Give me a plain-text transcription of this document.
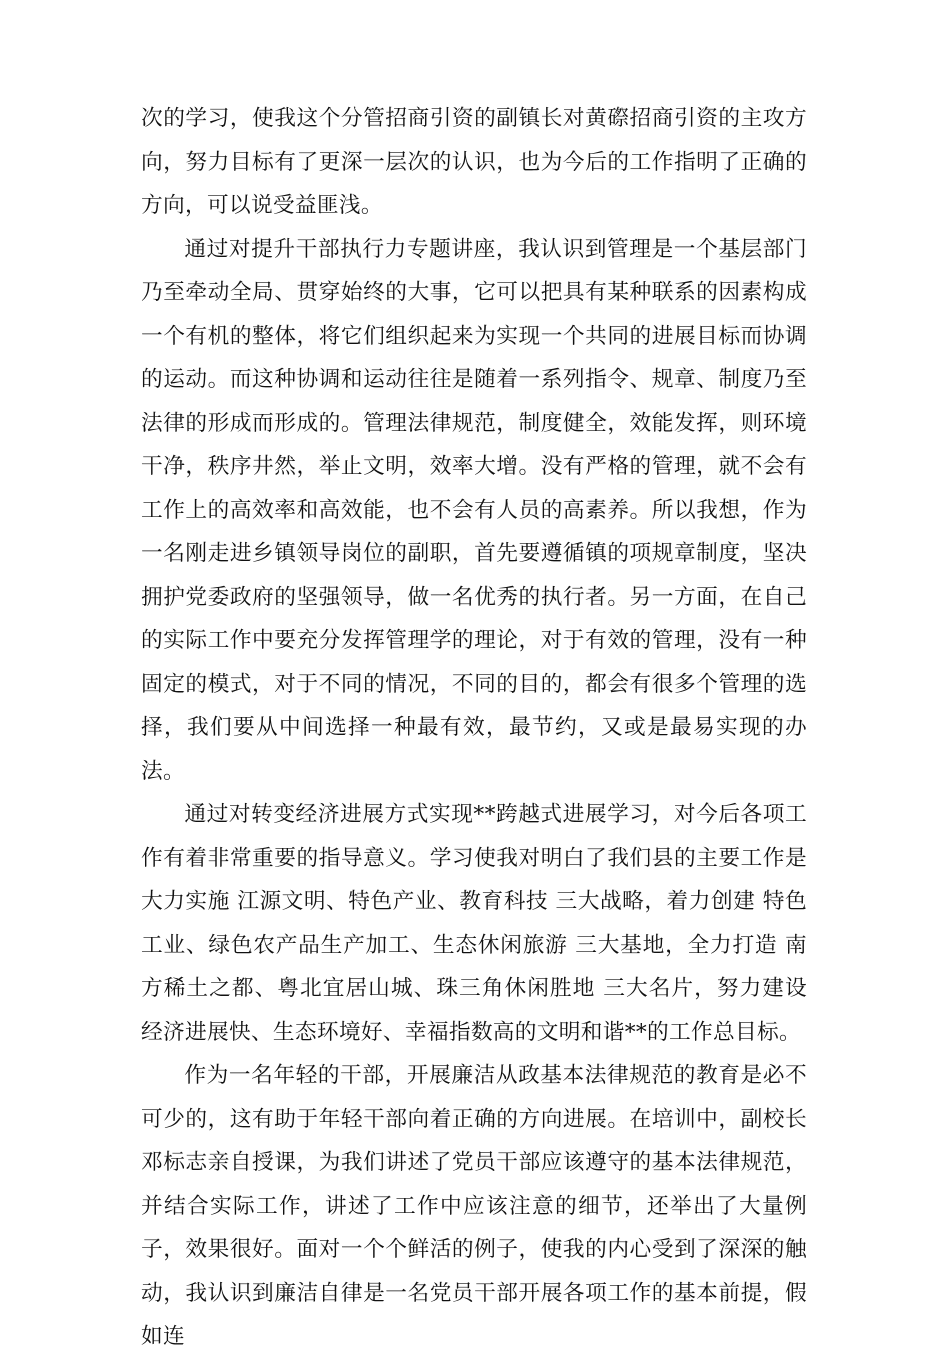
次的学习，使我这个分管招商引资的副镇长对黄磜招商引资的主攻方向，努力目标有了更深一层次的认识，也为今后的工作指明了正确的方向，可以说受益匪浅。

通过对提升干部执行力专题讲座，我认识到管理是一个基层部门乃至牵动全局、贯穿始终的大事，它可以把具有某种联系的因素构成一个有机的整体，将它们组织起来为实现一个共同的进展目标而协调的运动。而这种协调和运动往往是随着一系列指令、规章、制度乃至法律的形成而形成的。管理法律规范，制度健全，效能发挥，则环境干净，秩序井然，举止文明，效率大增。没有严格的管理，就不会有工作上的高效率和高效能，也不会有人员的高素养。所以我想，作为一名刚走进乡镇领导岗位的副职，首先要遵循镇的项规章制度，坚决拥护党委政府的坚强领导，做一名优秀的执行者。另一方面，在自己的实际工作中要充分发挥管理学的理论，对于有效的管理，没有一种固定的模式，对于不同的情况，不同的目的，都会有很多个管理的选择，我们要从中间选择一种最有效，最节约，又或是最易实现的办法。

通过对转变经济进展方式实现**跨越式进展学习，对今后各项工作有着非常重要的指导意义。学习使我对明白了我们县的主要工作是大力实施 江源文明、特色产业、教育科技 三大战略，着力创建 特色工业、绿色农产品生产加工、生态休闲旅游 三大基地，全力打造 南方稀土之都、粤北宜居山城、珠三角休闲胜地 三大名片，努力建设经济进展快、生态环境好、幸福指数高的文明和谐**的工作总目标。

作为一名年轻的干部，开展廉洁从政基本法律规范的教育是必不可少的，这有助于年轻干部向着正确的方向进展。在培训中，副校长邓标志亲自授课，为我们讲述了党员干部应该遵守的基本法律规范，并结合实际工作，讲述了工作中应该注意的细节，还举出了大量例子，效果很好。面对一个个鲜活的例子，使我的内心受到了深深的触动，我认识到廉洁自律是一名党员干部开展各项工作的基本前提，假如连
